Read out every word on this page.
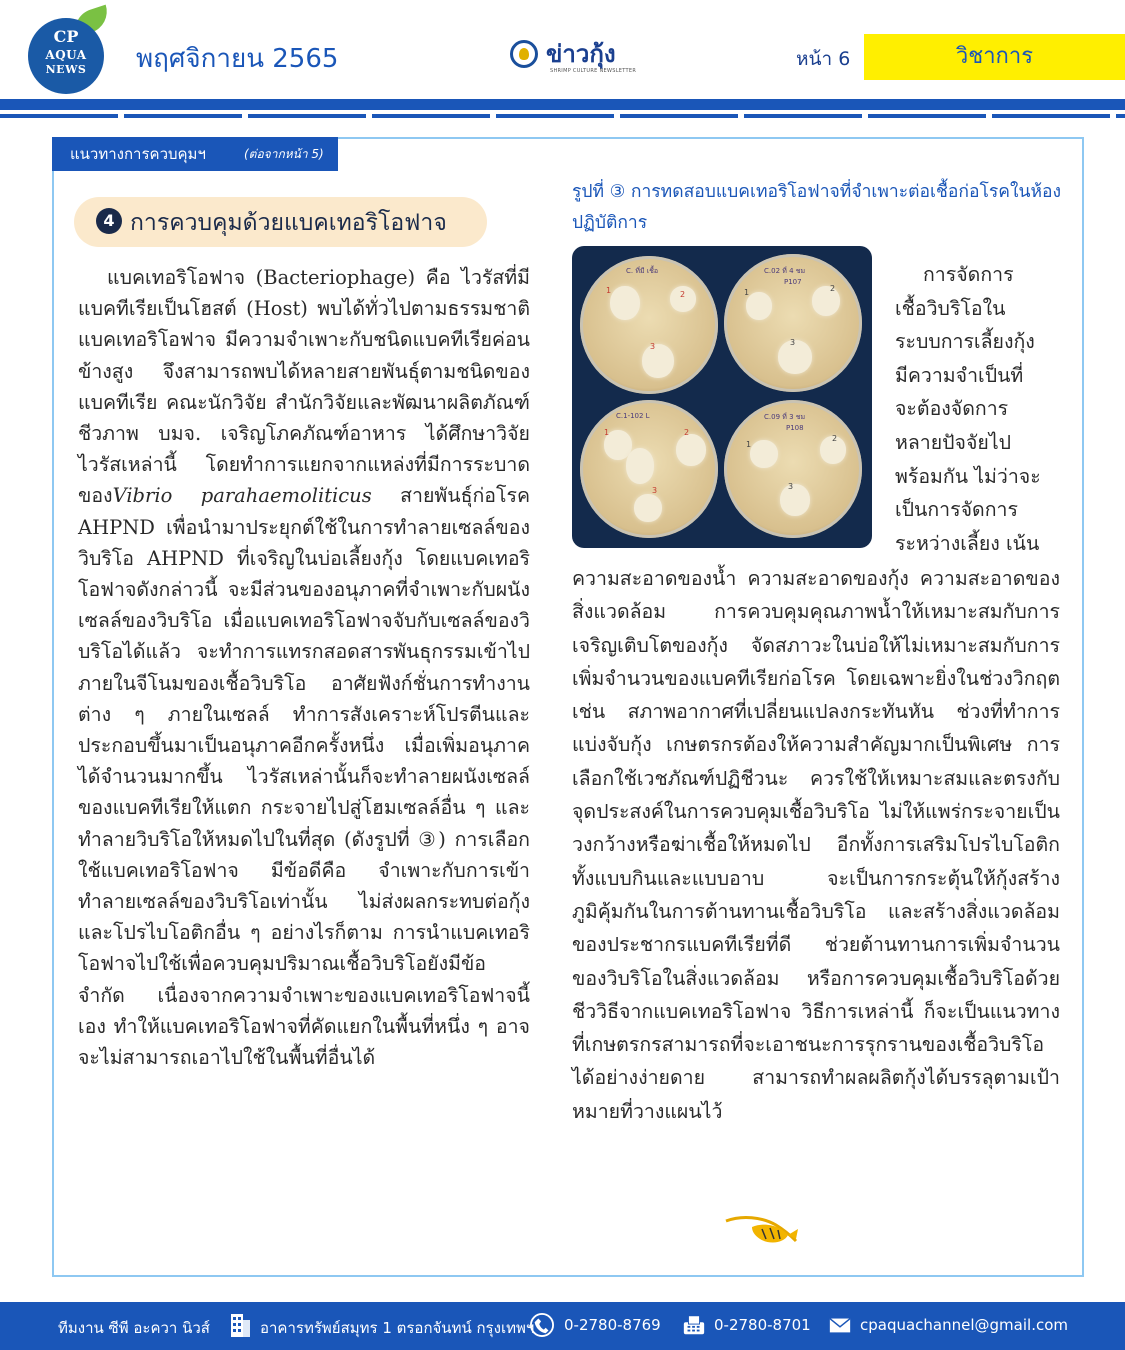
CP
AQUA
NEWS	พฤศจิกายน 2565	ข่าวกุ้ง
SHRIMP CULTURE NEWSLETTER
หน้า 6	วิชาการ
แนวทางการควบคุมฯ	(ต่อจากหน้า 5)
4 การควบคุมด้วยแบคเทอริโอฟาจ

แบคเทอริโอฟาจ (Bacteriophage) คือ ไวรัสที่มีแบคทีเรียเป็นโฮสต์ (Host) พบได้ทั่วไปตามธรรมชาติ แบคเทอริโอฟาจ มีความจำเพาะกับชนิดแบคทีเรียค่อนข้างสูง จึงสามารถพบได้หลายสายพันธุ์ตามชนิดของแบคทีเรีย คณะนักวิจัย สำนักวิจัยและพัฒนาผลิตภัณฑ์ชีวภาพ บมจ. เจริญโภคภัณฑ์อาหาร ได้ศึกษาวิจัยไวรัสเหล่านี้ โดยทำการแยกจากแหล่งที่มีการระบาดของVibrio parahaemoliticus สายพันธุ์ก่อโรค AHPND เพื่อนำมาประยุกต์ใช้ในการทำลายเซลล์ของวิบริโอ AHPND ที่เจริญในบ่อเลี้ยงกุ้ง โดยแบคเทอริโอฟาจดังกล่าวนี้ จะมีส่วนของอนุภาคที่จำเพาะกับผนังเซลล์ของวิบริโอ เมื่อแบคเทอริโอฟาจจับกับเซลล์ของวิบริโอได้แล้ว จะทำการแทรกสอดสารพันธุกรรมเข้าไปภายในจีโนมของเชื้อวิบริโอ อาศัยฟังก์ชั่นการทำงานต่าง ๆ ภายในเซลล์ ทำการสังเคราะห์โปรตีนและประกอบขึ้นมาเป็นอนุภาคอีกครั้งหนึ่ง เมื่อเพิ่มอนุภาคได้จำนวนมากขึ้น ไวรัสเหล่านั้นก็จะทำลายผนังเซลล์ของแบคทีเรียให้แตก กระจายไปสู่โฮมเซลล์อื่น ๆ และทำลายวิบริโอให้หมดไปในที่สุด (ดังรูปที่ ③) การเลือกใช้แบคเทอริโอฟาจ มีข้อดีคือ จำเพาะกับการเข้าทำลายเซลล์ของวิบริโอเท่านั้น ไม่ส่งผลกระทบต่อกุ้งและโปรไบโอติกอื่น ๆ อย่างไรก็ตาม การนำแบคเทอริโอฟาจไปใช้เพื่อควบคุมปริมาณเชื้อวิบริโอยังมีข้อจำกัด เนื่องจากความจำเพาะของแบคเทอริโอฟาจนี้เอง ทำให้แบคเทอริโอฟาจที่คัดแยกในพื้นที่หนึ่ง ๆ อาจจะไม่สามารถเอาไปใช้ในพื้นที่อื่นได้

รูปที่ ③ การทดสอบแบคเทอริโอฟาจที่จำเพาะต่อเชื้อก่อโรคในห้องปฏิบัติการ

C. ที่มี เชื้อ
1	2
3
C.02 ที่ 4 ชม
P107
1	2
3
C.1-102 L
1	2
3
C.09 ที่ 3 ชม
P108
1
2
3

การจัดการ
เชื้อวิบริโอใน
ระบบการเลี้ยงกุ้ง
มีความจำเป็นที่
จะต้องจัดการ
หลายปัจจัยไป
พร้อมกัน ไม่ว่าจะ
เป็นการจัดการ
ระหว่างเลี้ยง เน้น

ความสะอาดของน้ำ ความสะอาดของกุ้ง ความสะอาดของสิ่งแวดล้อม การควบคุมคุณภาพน้ำให้เหมาะสมกับการเจริญเติบโตของกุ้ง จัดสภาวะในบ่อให้ไม่เหมาะสมกับการเพิ่มจำนวนของแบคทีเรียก่อโรค โดยเฉพาะยิ่งในช่วงวิกฤต เช่น สภาพอากาศที่เปลี่ยนแปลงกระทันหัน ช่วงที่ทำการแบ่งจับกุ้ง เกษตรกรต้องให้ความสำคัญมากเป็นพิเศษ การเลือกใช้เวชภัณฑ์ปฏิชีวนะ ควรใช้ให้เหมาะสมและตรงกับจุดประสงค์ในการควบคุมเชื้อวิบริโอ ไม่ให้แพร่กระจายเป็นวงกว้างหรือฆ่าเชื้อให้หมดไป อีกทั้งการเสริมโปรไบโอติกทั้งแบบกินและแบบอาบ จะเป็นการกระตุ้นให้กุ้งสร้างภูมิคุ้มกันในการต้านทานเชื้อวิบริโอ และสร้างสิ่งแวดล้อมของประชากรแบคทีเรียที่ดี ช่วยต้านทานการเพิ่มจำนวนของวิบริโอในสิ่งแวดล้อม หรือการควบคุมเชื้อวิบริโอด้วยชีววิธีจากแบคเทอริโอฟาจ วิธีการเหล่านี้ ก็จะเป็นแนวทางที่เกษตรกรสามารถที่จะเอาชนะการรุกรานของเชื้อวิบริโอได้อย่างง่ายดาย สามารถทำผลผลิตกุ้งได้บรรลุตามเป้าหมายที่วางแผนไว้

ทีมงาน ซีพี อะควา นิวส์	อาคารทรัพย์สมุทร 1 ตรอกจันทน์ กรุงเทพฯ 0-2780-8769	0-2780-8701	cpaquachannel@gmail.com
